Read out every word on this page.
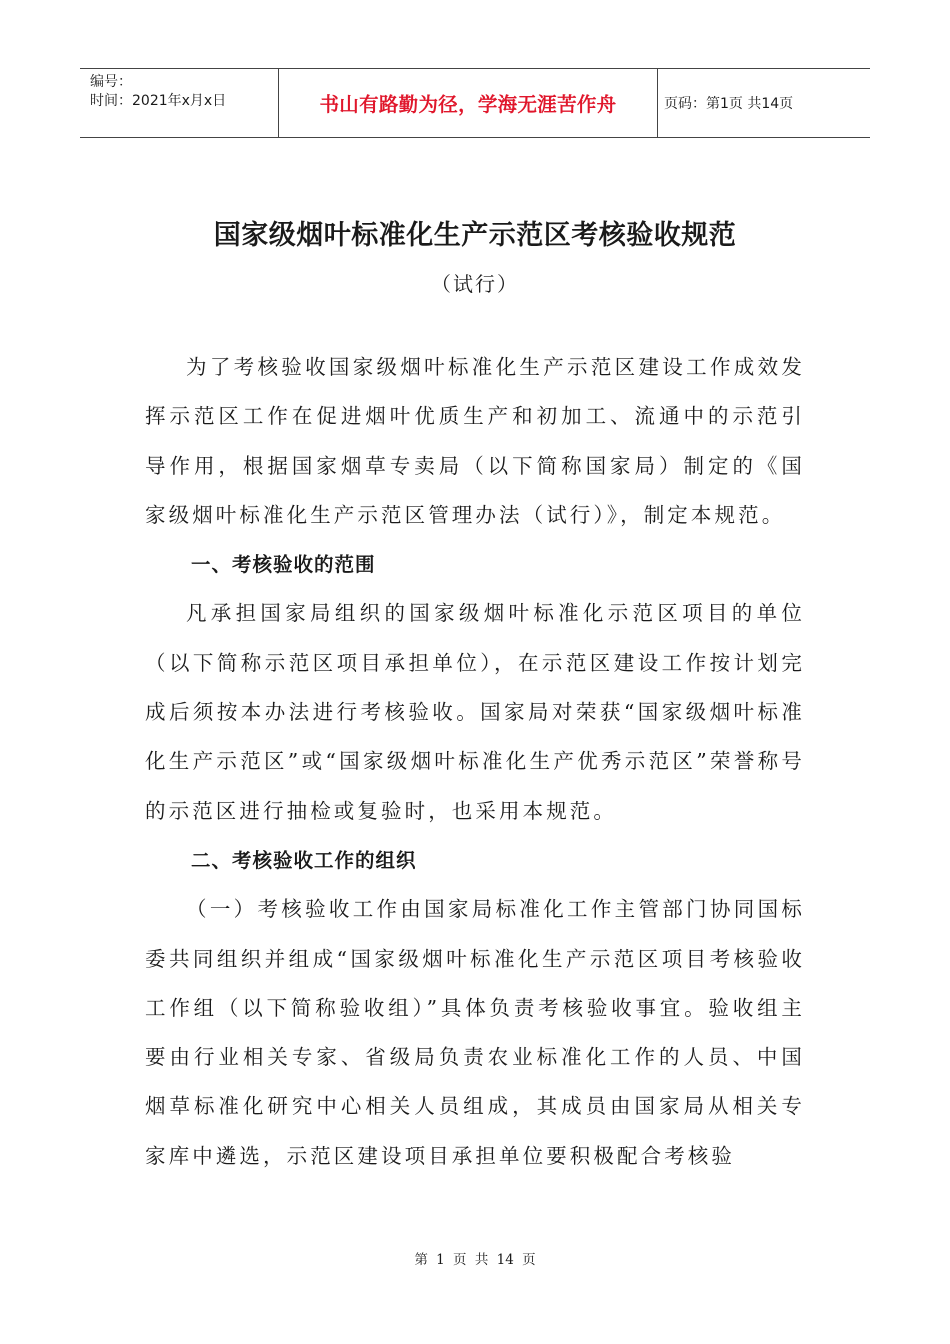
编号：
时间：2021年x月x日	书山有路勤为径，学海无涯苦作舟	页码：第1页 共14页
国家级烟叶标准化生产示范区考核验收规范
（试行）

为了考核验收国家级烟叶标准化生产示范区建设工作成效发挥示范区工作在促进烟叶优质生产和初加工、流通中的示范引导作用，根据国家烟草专卖局（以下简称国家局）制定的《国家级烟叶标准化生产示范区管理办法（试行）》，制定本规范。

一、考核验收的范围

凡承担国家局组织的国家级烟叶标准化示范区项目的单位（以下简称示范区项目承担单位），在示范区建设工作按计划完成后须按本办法进行考核验收。国家局对荣获“国家级烟叶标准化生产示范区”或“国家级烟叶标准化生产优秀示范区”荣誉称号的示范区进行抽检或复验时，也采用本规范。

二、考核验收工作的组织

（一）考核验收工作由国家局标准化工作主管部门协同国标委共同组织并组成“国家级烟叶标准化生产示范区项目考核验收工作组（以下简称验收组）”具体负责考核验收事宜。验收组主要由行业相关专家、省级局负责农业标准化工作的人员、中国烟草标准化研究中心相关人员组成，其成员由国家局从相关专家库中遴选，示范区建设项目承担单位要积极配合考核验

第 1 页 共 14 页
